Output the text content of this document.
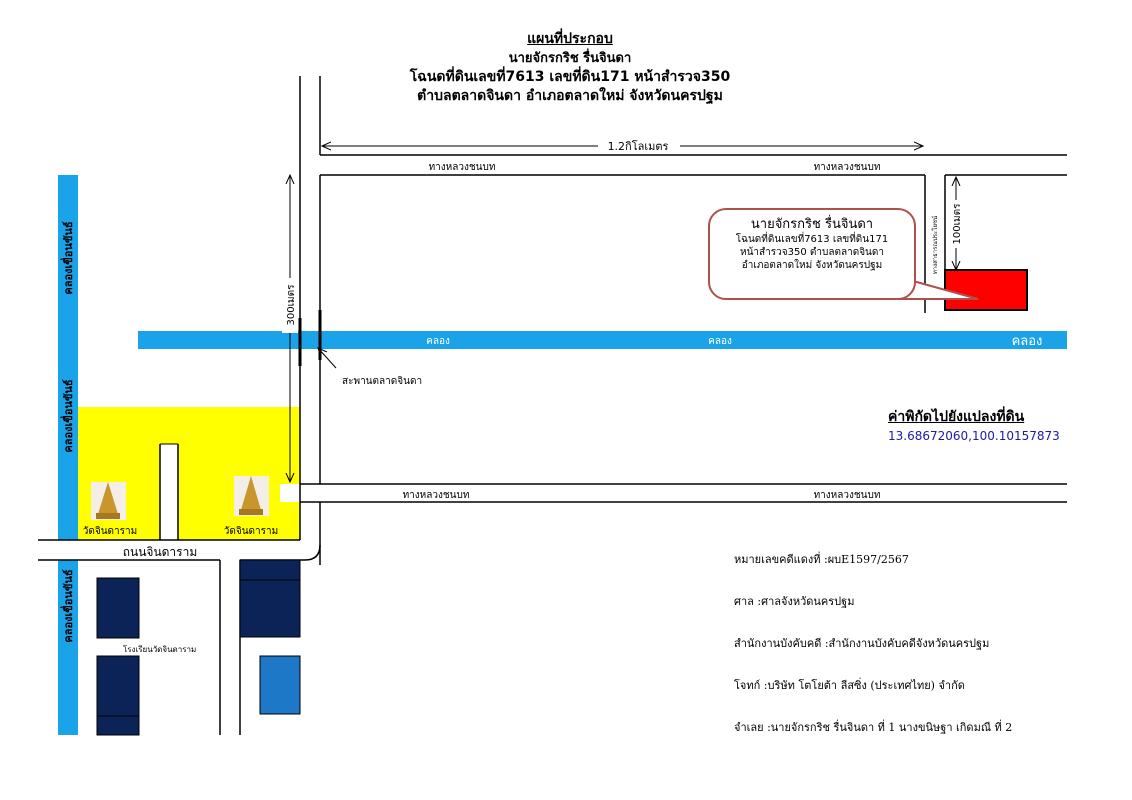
แผนที่ประกอบ
นายจักรกริช รื่นจินดา
โฉนดที่ดินเลขที่7613 เลขที่ดิน171 หน้าสำรวจ350
ตำบลตลาดจินดา อำเภอตลาดใหม่ จังหวัดนครปฐม
1.2กิโลเมตร
ทางหลวงชนบท	ทางหลวงชนบท
ทางหลวงชนบท	ทางหลวงชนบท
คลอง	คลอง	คลอง
คลองเขื่อนขันธ์
คลองเขื่อนขันธ์
คลองเขื่อนขันธ์
300เมตร
100เมตร
ทางสาธารณประโยชน์
สะพานตลาดจินดา
วัดจินดาราม	วัดจินดาราม
ถนนจินดาราม
โรงเรียนวัดจินดาราม
นายจักรกริช รื่นจินดา
โฉนดที่ดินเลขที่7613 เลขที่ดิน171
หน้าสำรวจ350 ตำบลตลาดจินดา
อำเภอตลาดใหม่ จังหวัดนครปฐม
ค่าพิกัดไปยังแปลงที่ดิน
13.68672060,100.10157873
หมายเลขคดีแดงที่ :ผบE1597/2567
ศาล :ศาลจังหวัดนครปฐม
สำนักงานบังคับคดี :สำนักงานบังคับคดีจังหวัดนครปฐม
โจทก์ :บริษัท โตโยต้า ลีสซิ่ง (ประเทศไทย) จำกัด
จำเลย :นายจักรกริช รื่นจินดา ที่ 1 นางขนิษฐา เกิดมณี ที่ 2
